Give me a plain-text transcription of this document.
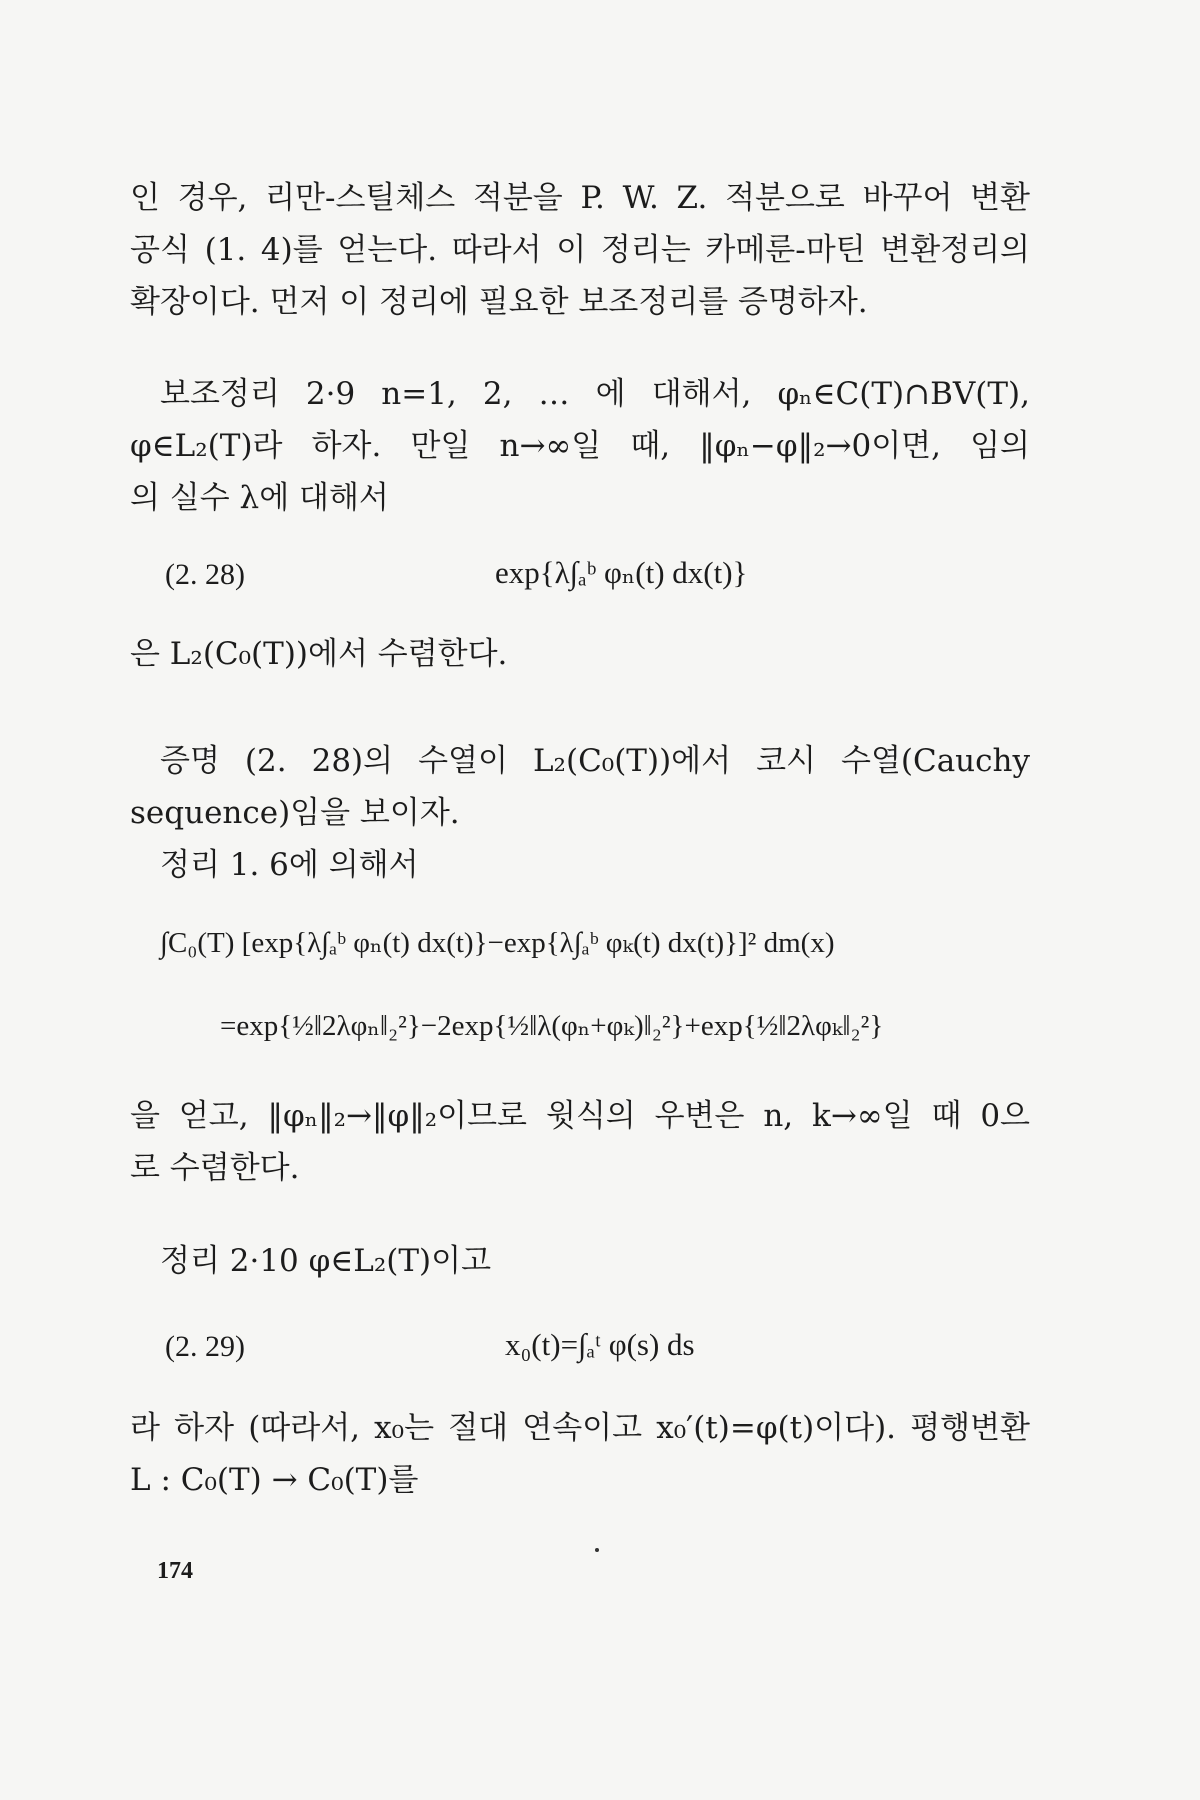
인 경우, 리만-스틸체스 적분을 P. W. Z. 적분으로 바꾸어 변환
공식 (1. 4)를 얻는다. 따라서 이 정리는 카메룬-마틴 변환정리의
확장이다. 먼저 이 정리에 필요한 보조정리를 증명하자.
보조정리 2·9 n=1, 2, … 에 대해서, φₙ∈C(T)∩BV(T),
φ∈L₂(T)라 하자. 만일 n→∞일 때, ‖φₙ−φ‖₂→0이면, 임의
의 실수 λ에 대해서
(2. 28)	exp{λ∫ₐᵇ φₙ(t) dx(t)}
은 L₂(C₀(T))에서 수렴한다.
증명 (2. 28)의 수열이 L₂(C₀(T))에서 코시 수열(Cauchy
sequence)임을 보이자.
정리 1. 6에 의해서
∫C₀(T) [exp{λ∫ₐᵇ φₙ(t) dx(t)}−exp{λ∫ₐᵇ φₖ(t) dx(t)}]² dm(x)
=exp{½‖2λφₙ‖₂²}−2exp{½‖λ(φₙ+φₖ)‖₂²}+exp{½‖2λφₖ‖₂²}
을 얻고, ‖φₙ‖₂→‖φ‖₂이므로 윗식의 우변은 n, k→∞일 때 0으
로 수렴한다.
정리 2·10 φ∈L₂(T)이고
(2. 29)	x₀(t)=∫ₐᵗ φ(s) ds
라 하자 (따라서, x₀는 절대 연속이고 x₀′(t)=φ(t)이다). 평행변환
L : C₀(T) → C₀(T)를
174
